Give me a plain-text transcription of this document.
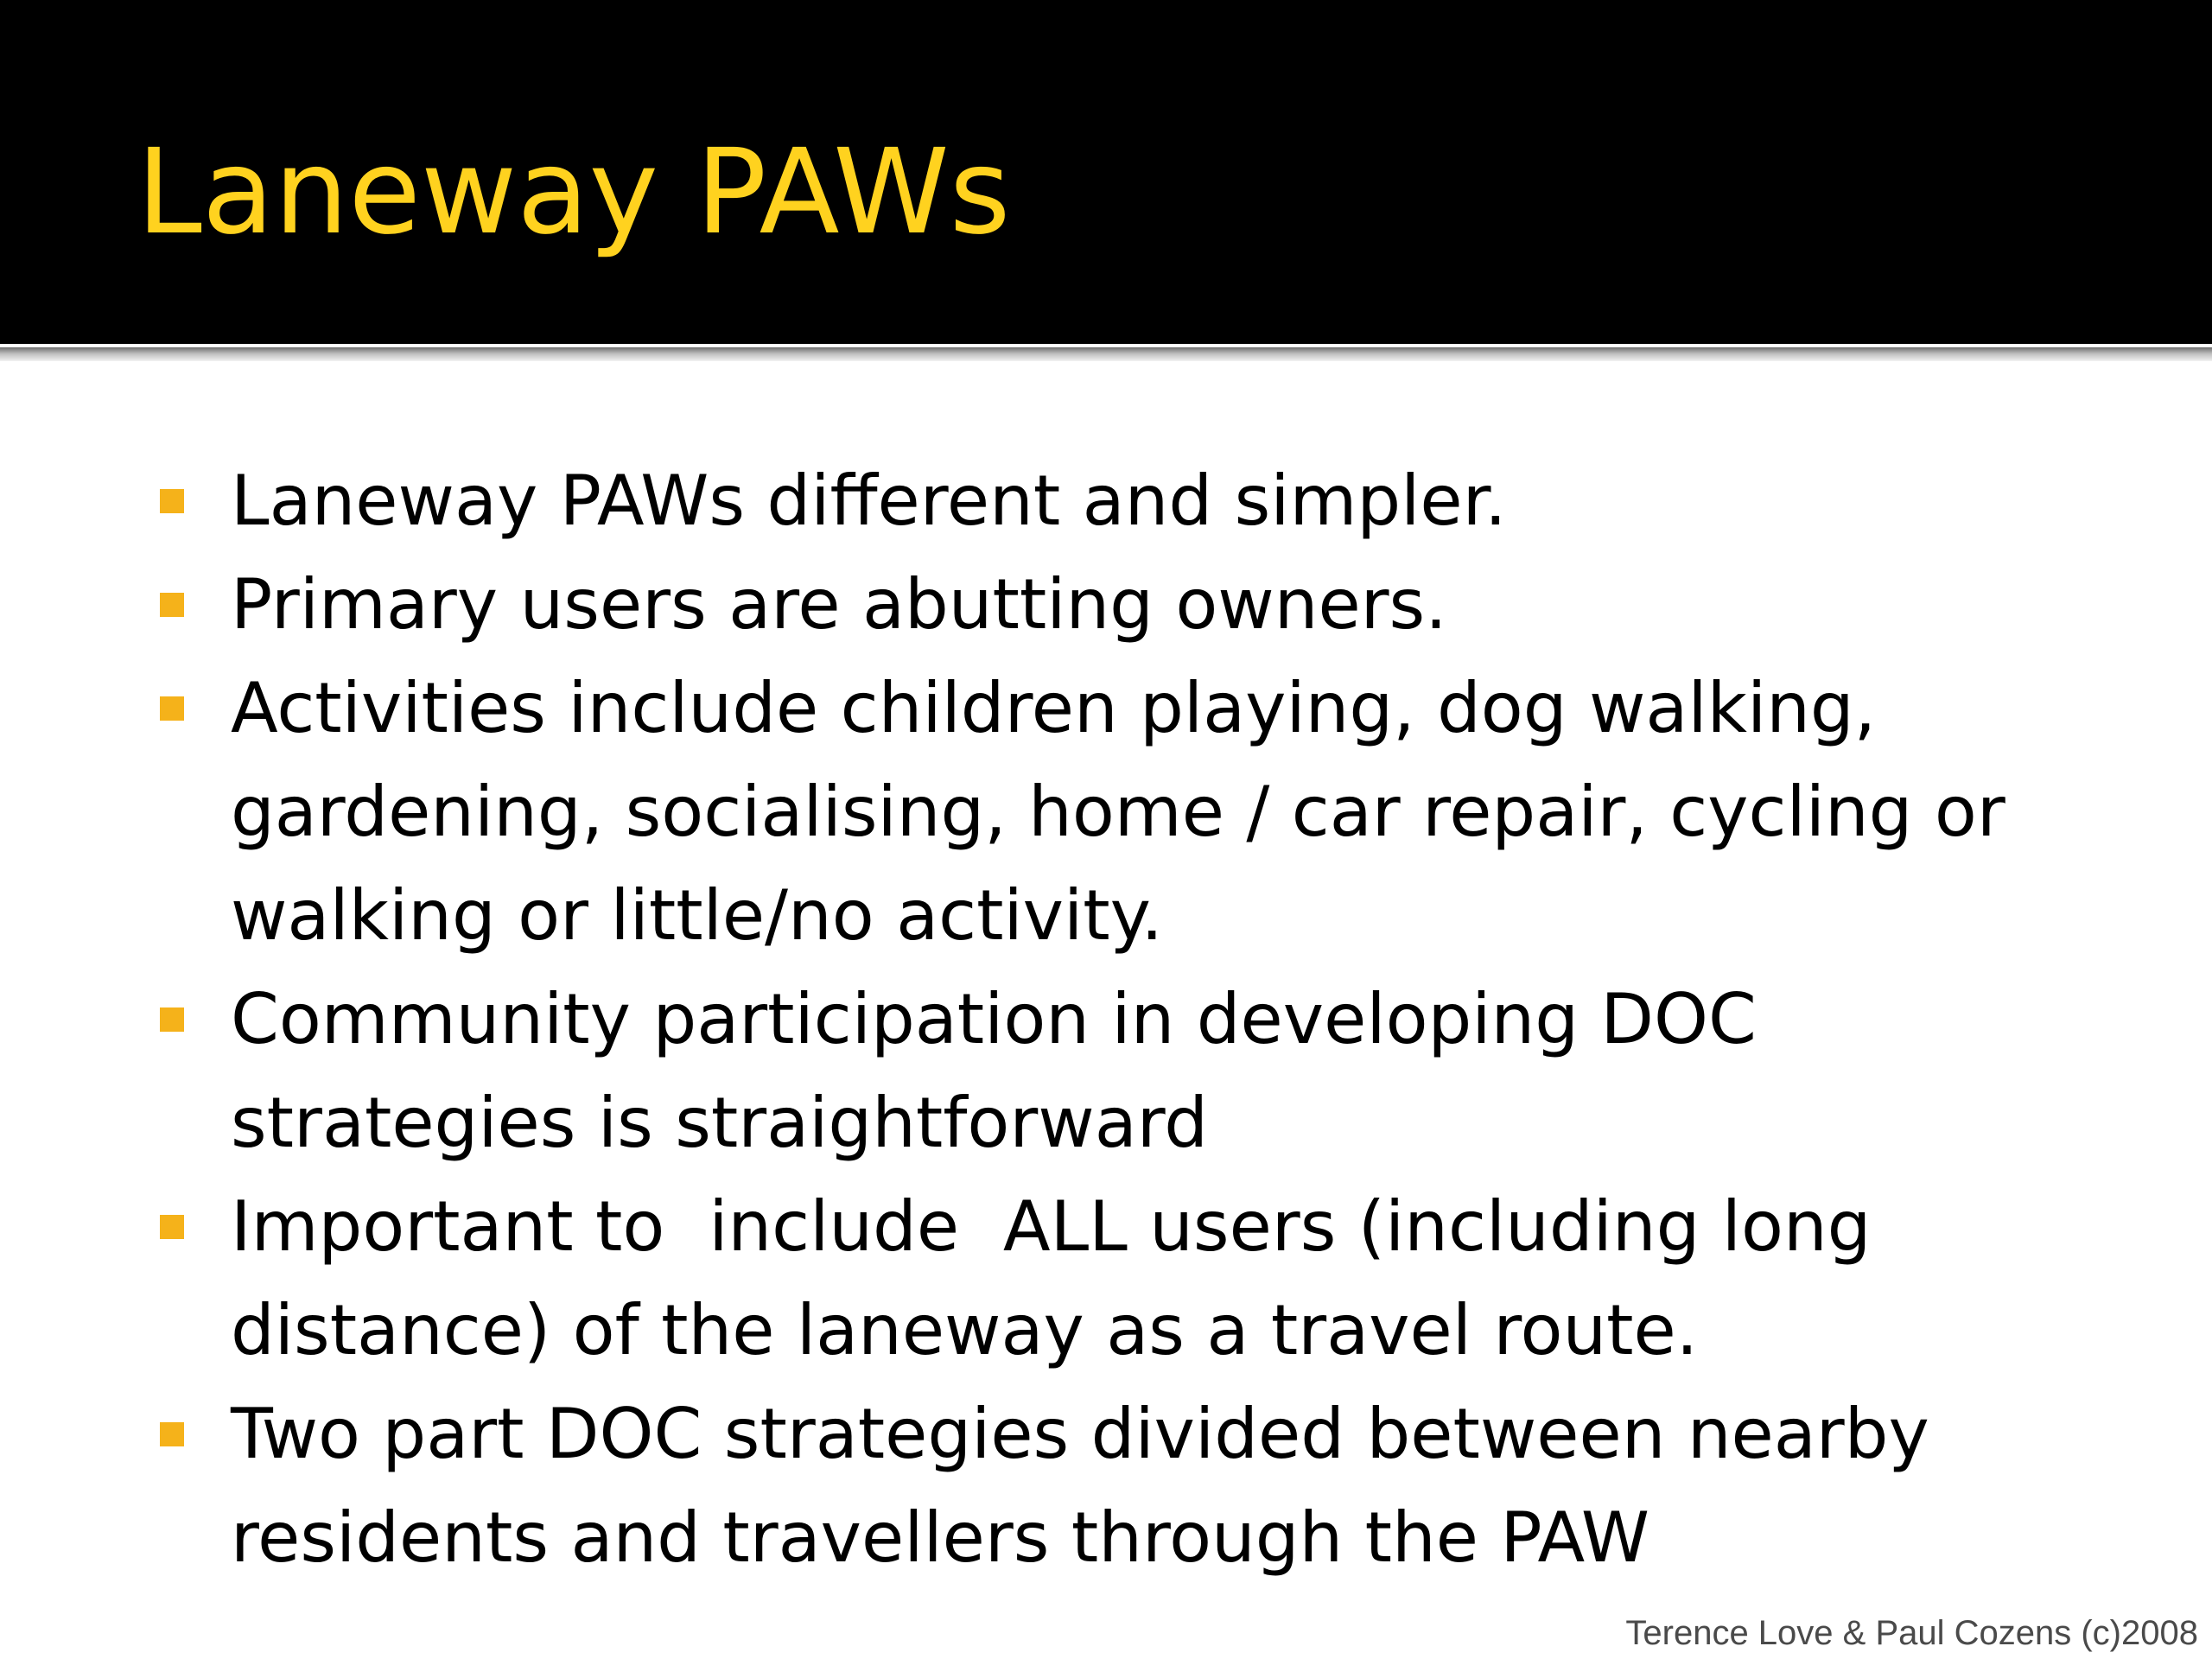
Laneway PAWs
Laneway PAWs different and simpler.
Primary users are abutting owners.
Activities include children playing, dog walking, gardening, socialising, home / car repair, cycling or walking or little/no activity.
Community participation in developing DOC strategies is straightforward
Important to  include  ALL users (including long distance) of the laneway as a travel route.
Two part DOC strategies divided between nearby residents and travellers through the PAW

Terence Love & Paul Cozens (c)2008
